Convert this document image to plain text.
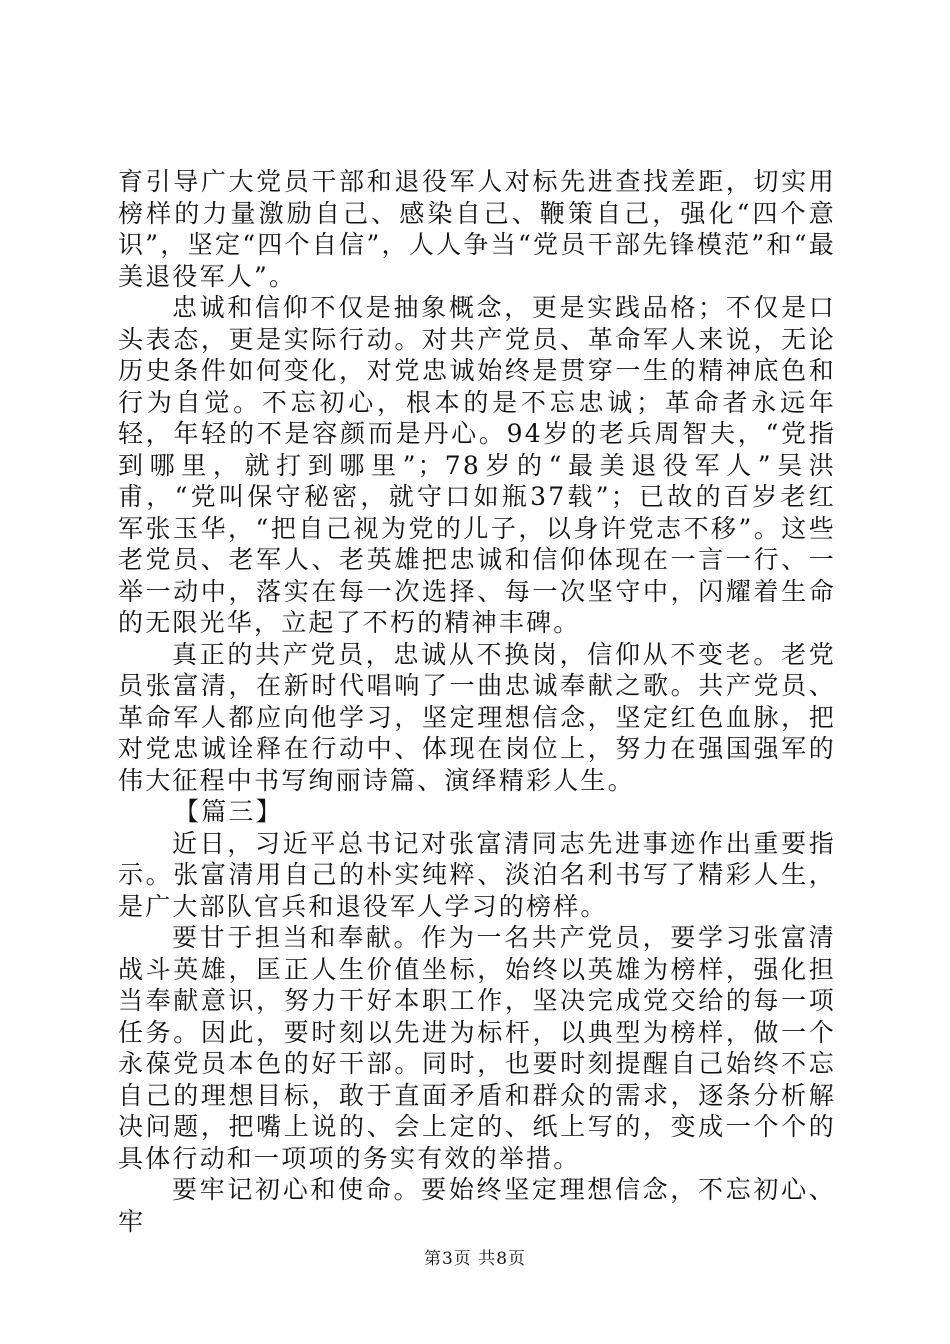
育引导广大党员干部和退役军人对标先进查找差距，切实用榜样的力量激励自己、感染自己、鞭策自己，强化“四个意识”，坚定“四个自信”，人人争当“党员干部先锋模范”和“最美退役军人”。

忠诚和信仰不仅是抽象概念，更是实践品格；不仅是口头表态，更是实际行动。对共产党员、革命军人来说，无论历史条件如何变化，对党忠诚始终是贯穿一生的精神底色和行为自觉。不忘初心，根本的是不忘忠诚；革命者永远年轻，年轻的不是容颜而是丹心。94岁的老兵周智夫，“党指到哪里，就打到哪里”；78岁的“最美退役军人”吴洪甫，“党叫保守秘密，就守口如瓶37载”；已故的百岁老红军张玉华，“把自己视为党的儿子，以身许党志不移”。这些老党员、老军人、老英雄把忠诚和信仰体现在一言一行、一举一动中，落实在每一次选择、每一次坚守中，闪耀着生命的无限光华，立起了不朽的精神丰碑。

真正的共产党员，忠诚从不换岗，信仰从不变老。老党员张富清，在新时代唱响了一曲忠诚奉献之歌。共产党员、革命军人都应向他学习，坚定理想信念，坚定红色血脉，把对党忠诚诠释在行动中、体现在岗位上，努力在强国强军的伟大征程中书写绚丽诗篇、演绎精彩人生。

【篇三】

近日，习近平总书记对张富清同志先进事迹作出重要指示。张富清用自己的朴实纯粹、淡泊名利书写了精彩人生，是广大部队官兵和退役军人学习的榜样。

要甘于担当和奉献。作为一名共产党员，要学习张富清战斗英雄，匡正人生价值坐标，始终以英雄为榜样，强化担当奉献意识，努力干好本职工作，坚决完成党交给的每一项任务。因此，要时刻以先进为标杆，以典型为榜样，做一个永葆党员本色的好干部。同时，也要时刻提醒自己始终不忘自己的理想目标，敢于直面矛盾和群众的需求，逐条分析解决问题，把嘴上说的、会上定的、纸上写的，变成一个个的具体行动和一项项的务实有效的举措。

要牢记初心和使命。要始终坚定理想信念，不忘初心、牢

第3页 共8页
